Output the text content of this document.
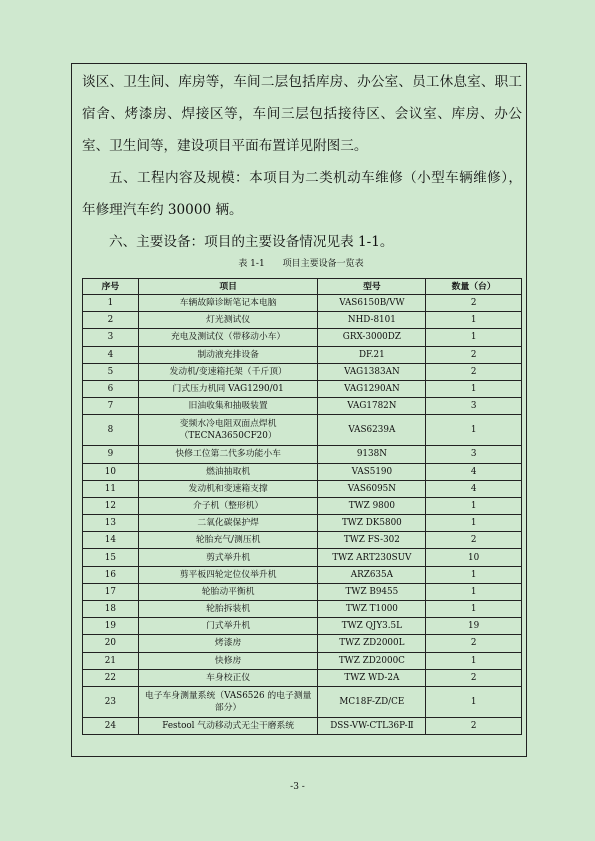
谈区、卫生间、库房等，车间二层包括库房、办公室、员工休息室、职工宿舍、烤漆房、焊接区等，车间三层包括接待区、会议室、库房、办公室、卫生间等，建设项目平面布置详见附图三。

五、工程内容及规模：本项目为二类机动车维修（小型车辆维修），年修理汽车约 30000 辆。

六、主要设备：项目的主要设备情况见表 1-1。

表 1-1　　项目主要设备一览表
序号	项目	型号	数量（台）
1	车辆故障诊断笔记本电脑	VAS6150B/VW	2
2	灯光测试仪	NHD-8101	1
3	充电及测试仪（带移动小车）	GRX-3000DZ	1
4	制动液充排设备	DF.21	2
5	发动机/变速箱托架（千斤顶）	VAG1383AN	2
6	门式压力机同 VAG1290/01	VAG1290AN	1
7	旧油收集和抽吸装置	VAG1782N	3
8	变频水冷电阻双面点焊机（TECNA3650CF20）	VAS6239A	1
9	快修工位第二代多功能小车	9138N	3
10	燃油抽取机	VAS5190	4
11	发动机和变速箱支撑	VAS6095N	4
12	介子机（整形机）	TWZ 9800	1
13	二氧化碳保护焊	TWZ DK5800	1
14	轮胎充气/测压机	TWZ FS-302	2
15	剪式举升机	TWZ ART230SUV	10
16	剪平板四轮定位仪举升机	ARZ635A	1
17	轮胎动平衡机	TWZ B9455	1
18	轮胎拆装机	TWZ T1000	1
19	门式举升机	TWZ QJY3.5L	19
20	烤漆房	TWZ ZD2000L	2
21	快修房	TWZ ZD2000C	1
22	车身校正仪	TWZ WD-2A	2
23	电子车身测量系统（VAS6526 的电子测量部分）	MC18F-ZD/CE	1
24	Festool 气动移动式无尘干磨系统	DSS-VW-CTL36P-Ⅱ	2
-3 -
